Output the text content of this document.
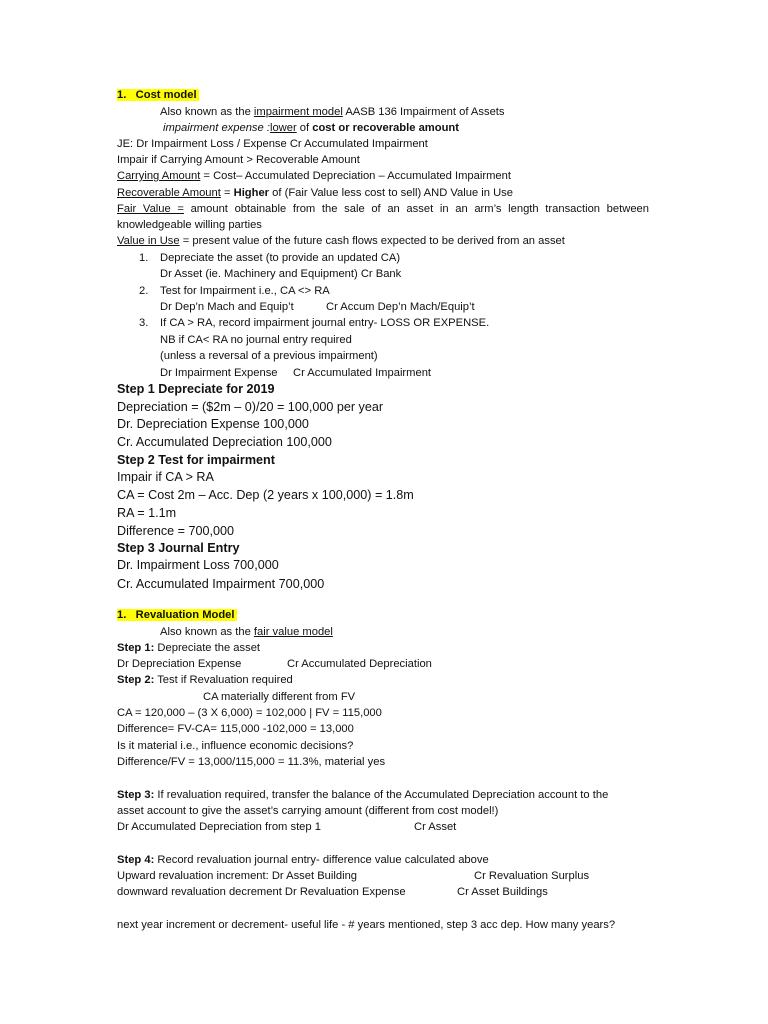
1. Cost model
Also known as the impairment model AASB 136 Impairment of Assets
impairment expense :lower of cost or recoverable amount
JE: Dr Impairment Loss / Expense Cr Accumulated Impairment
Impair if Carrying Amount > Recoverable Amount
Carrying Amount = Cost– Accumulated Depreciation – Accumulated Impairment
Recoverable Amount = Higher of (Fair Value less cost to sell) AND Value in Use
Fair Value = amount obtainable from the sale of an asset in an arm’s length transaction between
knowledgeable willing parties
Value in Use = present value of the future cash flows expected to be derived from an asset
1. Depreciate the asset (to provide an updated CA)
Dr Asset (ie. Machinery and Equipment) Cr Bank
2. Test for Impairment i.e., CA <> RA
Dr Dep’n Mach and Equip’t	Cr Accum Dep’n Mach/Equip’t
3. If CA > RA, record impairment journal entry- LOSS OR EXPENSE.
NB if CA< RA no journal entry required
(unless a reversal of a previous impairment)
Dr Impairment Expense Cr Accumulated Impairment
Step 1 Depreciate for 2019
Depreciation = ($2m – 0)/20 = 100,000 per year
Dr. Depreciation Expense 100,000
Cr. Accumulated Depreciation 100,000
Step 2 Test for impairment
Impair if CA > RA
CA = Cost 2m – Acc. Dep (2 years x 100,000) = 1.8m
RA = 1.1m
Difference = 700,000
Step 3 Journal Entry
Dr. Impairment Loss 700,000
Cr. Accumulated Impairment 700,000
1. Revaluation Model
Also known as the fair value model
Step 1: Depreciate the asset
Dr Depreciation Expense	Cr Accumulated Depreciation
Step 2: Test if Revaluation required
CA materially different from FV
CA = 120,000 – (3 X 6,000) = 102,000 | FV = 115,000
Difference= FV-CA= 115,000 -102,000 = 13,000
Is it material i.e., influence economic decisions?
Difference/FV = 13,000/115,000 = 11.3%, material yes
Step 3: If revaluation required, transfer the balance of the Accumulated Depreciation account to the
asset account to give the asset’s carrying amount (different from cost model!)
Dr Accumulated Depreciation from step 1	Cr Asset
Step 4: Record revaluation journal entry- difference value calculated above
Upward revaluation increment: Dr Asset Building	Cr Revaluation Surplus
downward revaluation decrement Dr Revaluation Expense	Cr Asset Buildings
next year increment or decrement- useful life - # years mentioned, step 3 acc dep. How many years?
